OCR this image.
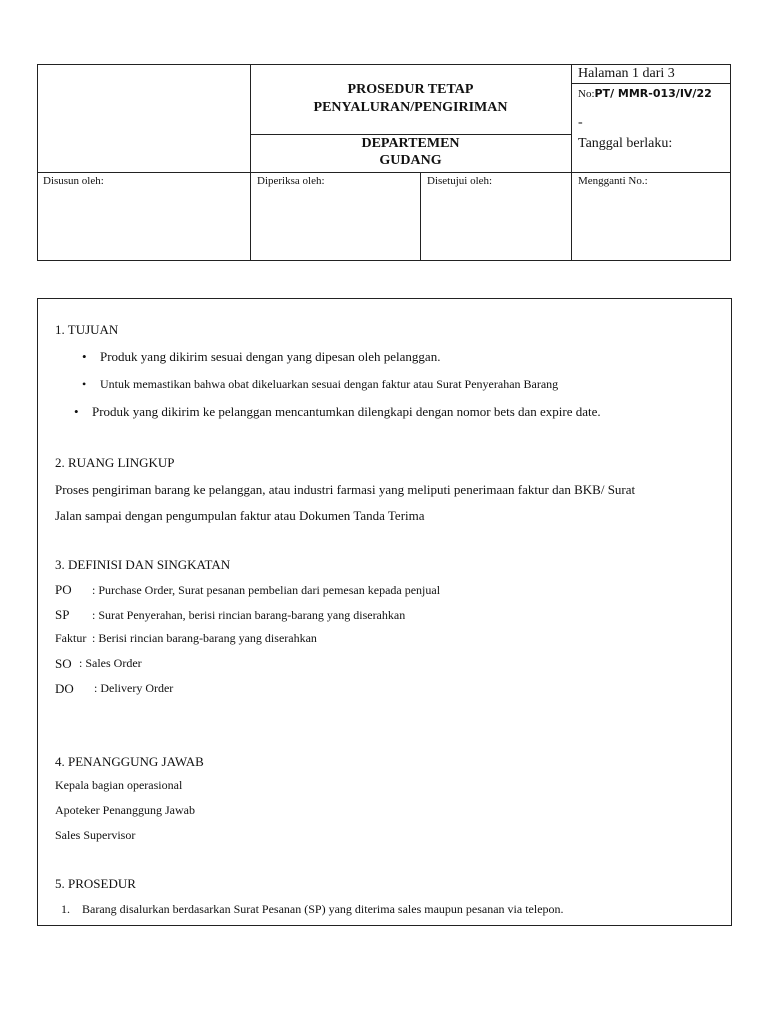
PROSEDUR TETAP
PENYALURAN/PENGIRIMAN
DEPARTEMEN
GUDANG
Halaman 1 dari 3
No:PT/ MMR-013/IV/22
-
Tanggal berlaku:
Disusun oleh:	Diperiksa oleh:	Disetujui oleh:	Mengganti No.:
1. TUJUAN
• Produk yang dikirim sesuai dengan yang dipesan oleh pelanggan.
• Untuk memastikan bahwa obat dikeluarkan sesuai dengan faktur atau Surat Penyerahan Barang
• Produk yang dikirim ke pelanggan mencantumkan dilengkapi dengan nomor bets dan expire date.
2. RUANG LINGKUP
Proses pengiriman barang ke pelanggan, atau industri farmasi yang meliputi penerimaan faktur dan BKB/ Surat
Jalan sampai dengan pengumpulan faktur atau Dokumen Tanda Terima
3. DEFINISI DAN SINGKATAN
PO : Purchase Order, Surat pesanan pembelian dari pemesan kepada penjual
SP : Surat Penyerahan, berisi rincian barang-barang yang diserahkan
Faktur : Berisi rincian barang-barang yang diserahkan
SO : Sales Order
DO : Delivery Order
4. PENANGGUNG JAWAB
Kepala bagian operasional
Apoteker Penanggung Jawab
Sales Supervisor
5. PROSEDUR
1. Barang disalurkan berdasarkan Surat Pesanan (SP) yang diterima sales maupun pesanan via telepon.
